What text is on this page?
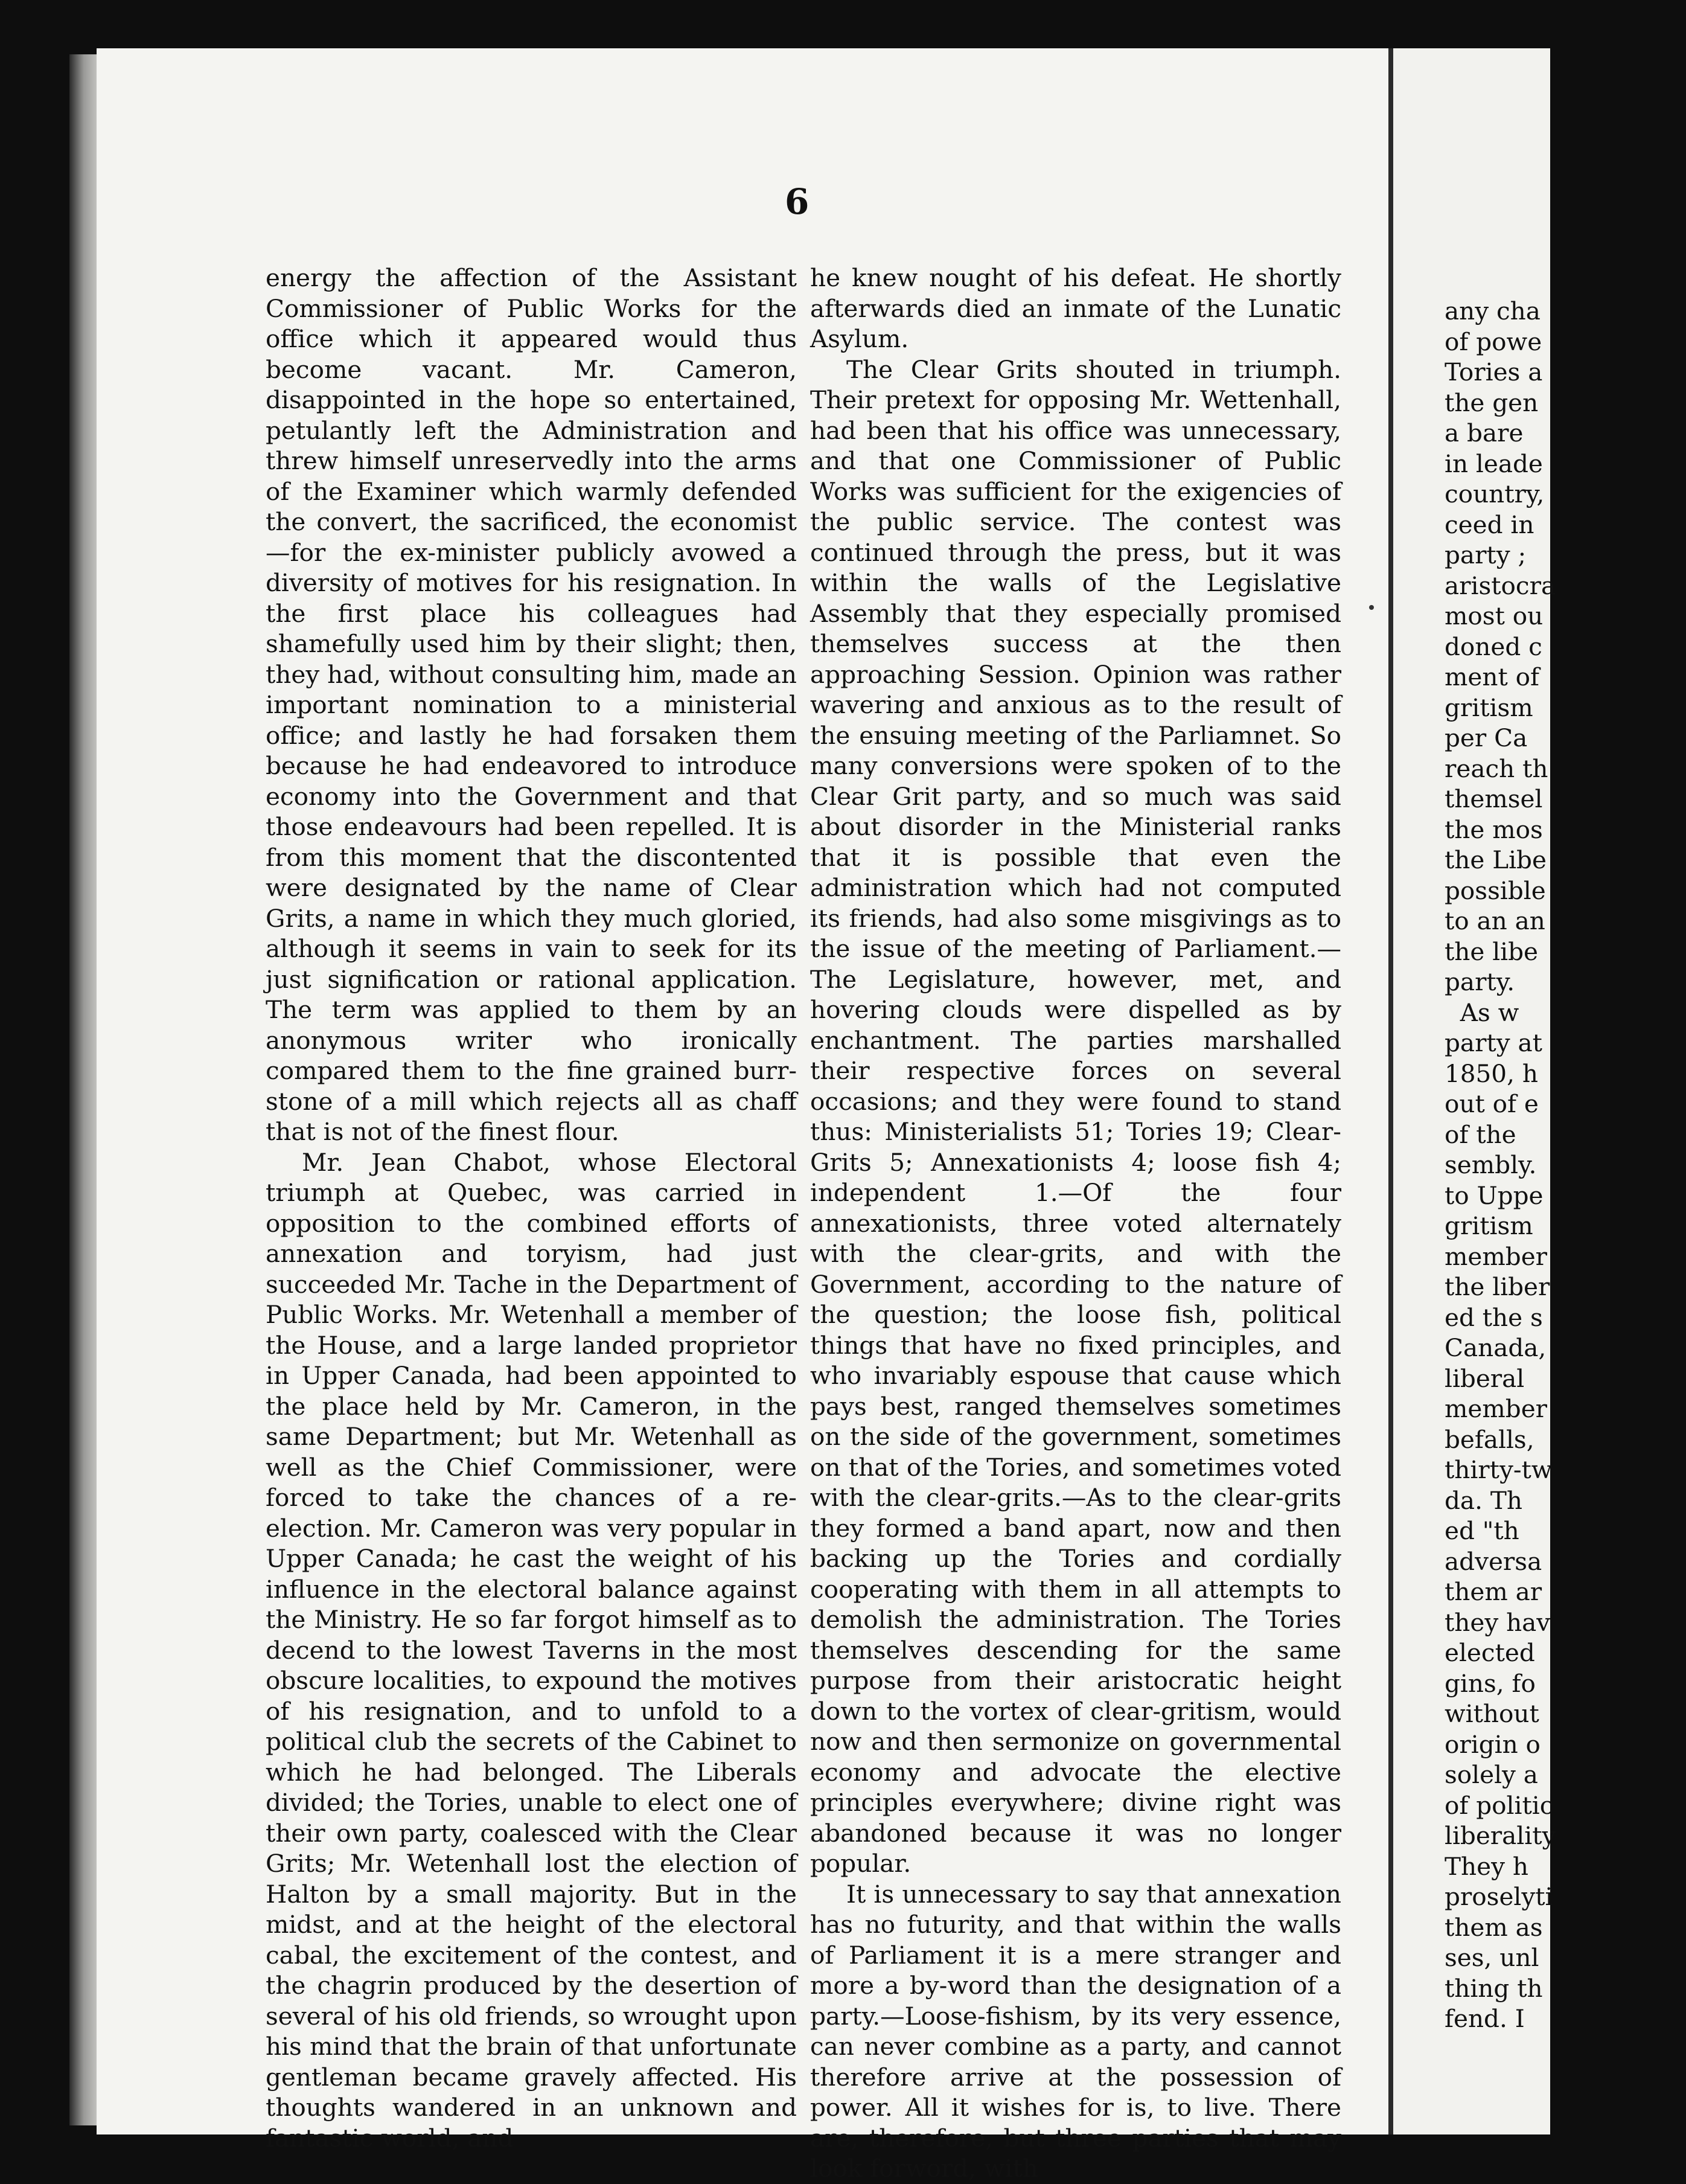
any cha
of powe
Tories a
the gen
a bare
in leade
country,
ceed in
party ;
aristocra
most ou
doned c
ment of
gritism
per Ca
reach th
themsel
the mos
the Libe
possible
to an an
the libe
party.
As w
party at
1850, h
out of e
of the
sembly.
to Uppe
gritism
member
the liber
ed the s
Canada,
liberal
member
befalls,
thirty-tw
da. Th
ed "th
adversa
them ar
they hav
elected
gins, fo
without
origin o
solely a
of politic
liberality
They h
proselyti
them as
ses, unl
thing th
fend. I
6

energy the affection of the Assistant Commissioner of Public Works for the office which it appeared would thus become vacant. Mr. Cameron, disappointed in the hope so entertained, petulantly left the Administration and threw himself unreservedly into the arms of the Examiner which warmly defended the convert, the sacrificed, the economist—for the ex-minister publicly avowed a diversity of motives for his resignation. In the first place his colleagues had shamefully used him by their slight; then, they had, without consulting him, made an important nomination to a ministerial office; and lastly he had forsaken them because he had endeavored to introduce economy into the Government and that those endeavours had been repelled. It is from this moment that the discontented were designated by the name of Clear Grits, a name in which they much gloried, although it seems in vain to seek for its just signification or rational application. The term was applied to them by an anonymous writer who ironically compared them to the fine grained burr-stone of a mill which rejects all as chaff that is not of the finest flour.

Mr. Jean Chabot, whose Electoral triumph at Quebec, was carried in opposition to the combined efforts of annexation and toryism, had just succeeded Mr. Tache in the Department of Public Works. Mr. Wetenhall a member of the House, and a large landed proprietor in Upper Canada, had been appointed to the place held by Mr. Cameron, in the same Department; but Mr. Wetenhall as well as the Chief Commissioner, were forced to take the chances of a re-election. Mr. Cameron was very popular in Upper Canada; he cast the weight of his influence in the electoral balance against the Ministry. He so far forgot himself as to decend to the lowest Taverns in the most obscure localities, to expound the motives of his resignation, and to unfold to a political club the secrets of the Cabinet to which he had belonged. The Liberals divided; the Tories, unable to elect one of their own party, coalesced with the Clear Grits; Mr. Wetenhall lost the election of Halton by a small majority. But in the midst, and at the height of the electoral cabal, the excitement of the contest, and the chagrin produced by the desertion of several of his old friends, so wrought upon his mind that the brain of that unfortunate gentleman became gravely affected. His thoughts wandered in an unknown and fantastic world, and

he knew nought of his defeat. He shortly afterwards died an inmate of the Lunatic Asylum.

The Clear Grits shouted in triumph. Their pretext for opposing Mr. Wettenhall, had been that his office was unnecessary, and that one Commissioner of Public Works was sufficient for the exigencies of the public service. The contest was continued through the press, but it was within the walls of the Legislative Assembly that they especially promised themselves success at the then approaching Session. Opinion was rather wavering and anxious as to the result of the ensuing meeting of the Parliamnet. So many conversions were spoken of to the Clear Grit party, and so much was said about disorder in the Ministerial ranks that it is possible that even the administration which had not computed its friends, had also some misgivings as to the issue of the meeting of Parliament.—The Legislature, however, met, and hovering clouds were dispelled as by enchantment. The parties marshalled their respective forces on several occasions; and they were found to stand thus: Ministerialists 51; Tories 19; Clear-Grits 5; Annexationists 4; loose fish 4; independent 1.—Of the four annexationists, three voted alternately with the clear-grits, and with the Government, according to the nature of the question; the loose fish, political things that have no fixed principles, and who invariably espouse that cause which pays best, ranged themselves sometimes on the side of the government, sometimes on that of the Tories, and sometimes voted with the clear-grits.—As to the clear-grits they formed a band apart, now and then backing up the Tories and cordially cooperating with them in all attempts to demolish the administration. The Tories themselves descending for the same purpose from their aristocratic height down to the vortex of clear-gritism, would now and then sermonize on governmental economy and advocate the elective principles everywhere; divine right was abandoned because it was no longer popular.

It is unnecessary to say that annexation has no futurity, and that within the walls of Parliament it is a mere stranger and more a by-word than the designation of a party.—Loose-fishism, by its very essence, can never combine as a party, and cannot therefore arrive at the possession of power. All it wishes for is, to live. There are, therefore, but three parties that may look forword, with
